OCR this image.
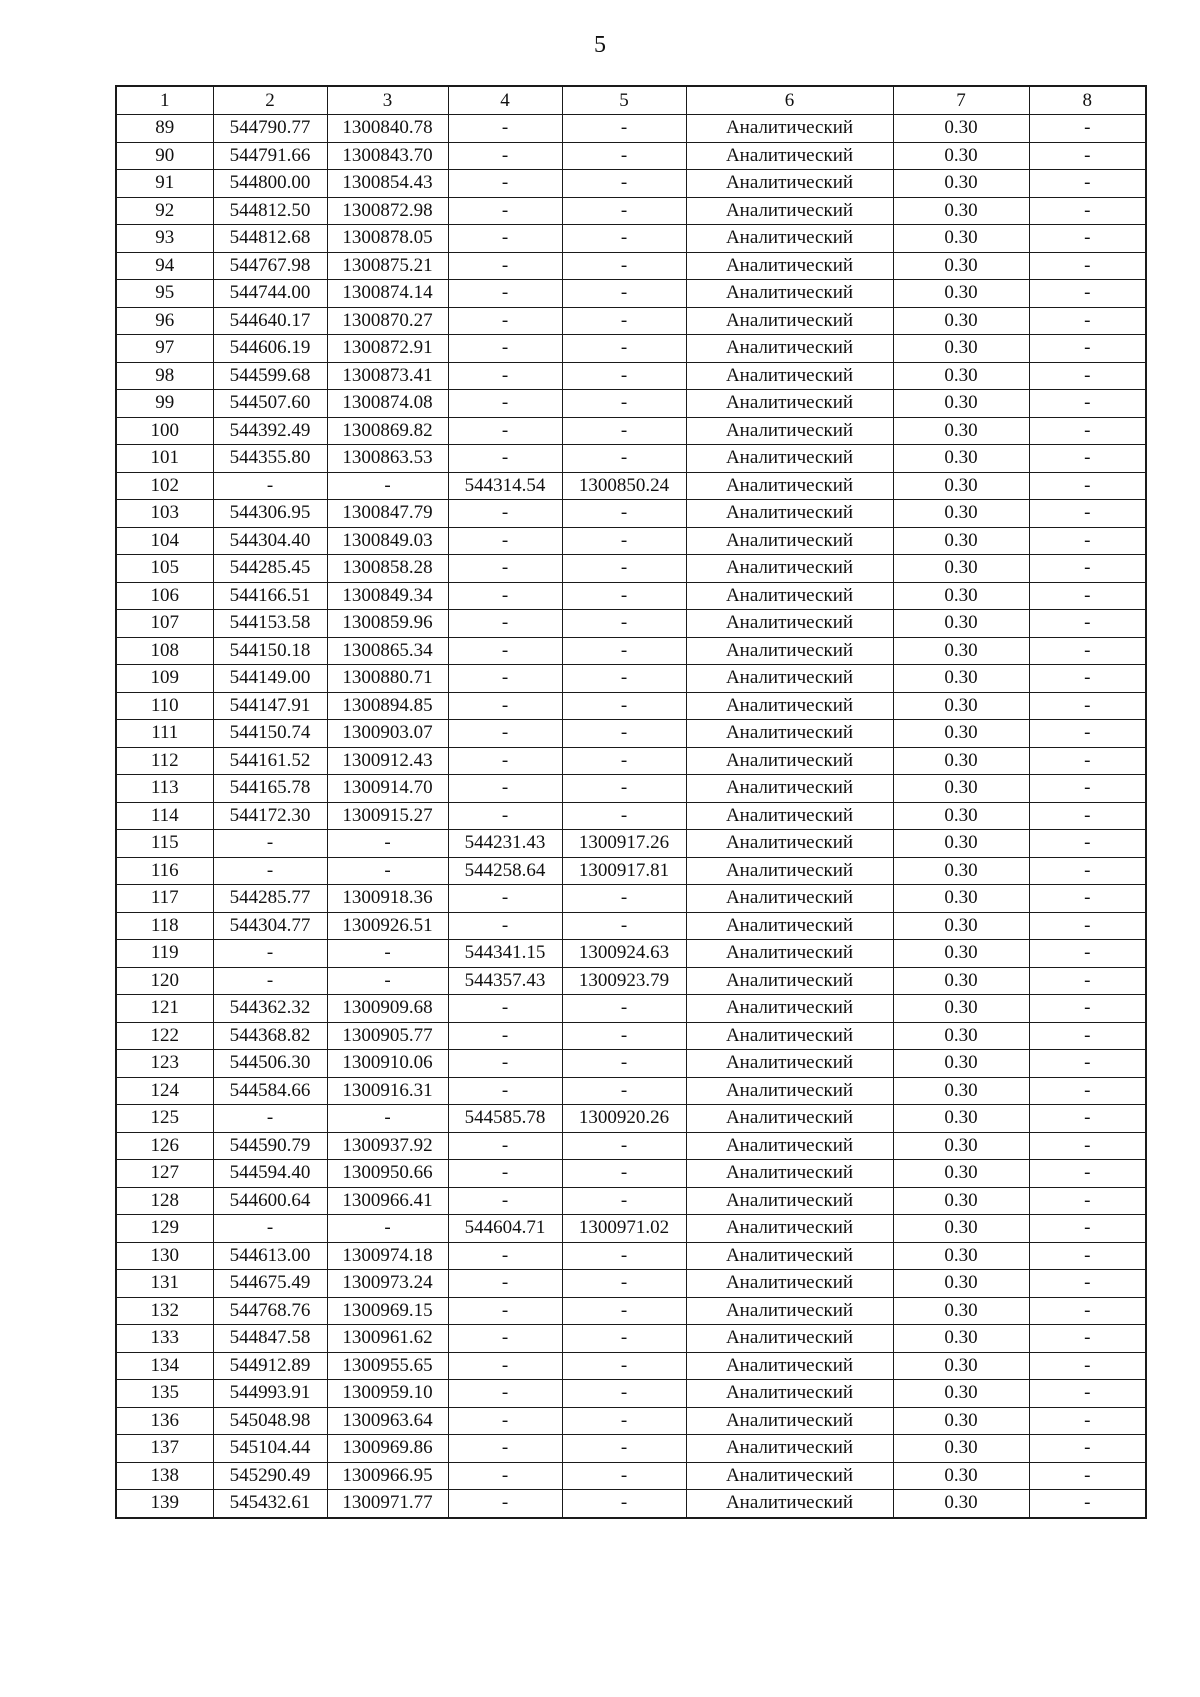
5
1	2	3	4	5	6	7	8
89	544790.77	1300840.78	-	-	Аналитический	0.30	-
90	544791.66	1300843.70	-	-	Аналитический	0.30	-
91	544800.00	1300854.43	-	-	Аналитический	0.30	-
92	544812.50	1300872.98	-	-	Аналитический	0.30	-
93	544812.68	1300878.05	-	-	Аналитический	0.30	-
94	544767.98	1300875.21	-	-	Аналитический	0.30	-
95	544744.00	1300874.14	-	-	Аналитический	0.30	-
96	544640.17	1300870.27	-	-	Аналитический	0.30	-
97	544606.19	1300872.91	-	-	Аналитический	0.30	-
98	544599.68	1300873.41	-	-	Аналитический	0.30	-
99	544507.60	1300874.08	-	-	Аналитический	0.30	-
100	544392.49	1300869.82	-	-	Аналитический	0.30	-
101	544355.80	1300863.53	-	-	Аналитический	0.30	-
102	-	-	544314.54	1300850.24	Аналитический	0.30	-
103	544306.95	1300847.79	-	-	Аналитический	0.30	-
104	544304.40	1300849.03	-	-	Аналитический	0.30	-
105	544285.45	1300858.28	-	-	Аналитический	0.30	-
106	544166.51	1300849.34	-	-	Аналитический	0.30	-
107	544153.58	1300859.96	-	-	Аналитический	0.30	-
108	544150.18	1300865.34	-	-	Аналитический	0.30	-
109	544149.00	1300880.71	-	-	Аналитический	0.30	-
110	544147.91	1300894.85	-	-	Аналитический	0.30	-
111	544150.74	1300903.07	-	-	Аналитический	0.30	-
112	544161.52	1300912.43	-	-	Аналитический	0.30	-
113	544165.78	1300914.70	-	-	Аналитический	0.30	-
114	544172.30	1300915.27	-	-	Аналитический	0.30	-
115	-	-	544231.43	1300917.26	Аналитический	0.30	-
116	-	-	544258.64	1300917.81	Аналитический	0.30	-
117	544285.77	1300918.36	-	-	Аналитический	0.30	-
118	544304.77	1300926.51	-	-	Аналитический	0.30	-
119	-	-	544341.15	1300924.63	Аналитический	0.30	-
120	-	-	544357.43	1300923.79	Аналитический	0.30	-
121	544362.32	1300909.68	-	-	Аналитический	0.30	-
122	544368.82	1300905.77	-	-	Аналитический	0.30	-
123	544506.30	1300910.06	-	-	Аналитический	0.30	-
124	544584.66	1300916.31	-	-	Аналитический	0.30	-
125	-	-	544585.78	1300920.26	Аналитический	0.30	-
126	544590.79	1300937.92	-	-	Аналитический	0.30	-
127	544594.40	1300950.66	-	-	Аналитический	0.30	-
128	544600.64	1300966.41	-	-	Аналитический	0.30	-
129	-	-	544604.71	1300971.02	Аналитический	0.30	-
130	544613.00	1300974.18	-	-	Аналитический	0.30	-
131	544675.49	1300973.24	-	-	Аналитический	0.30	-
132	544768.76	1300969.15	-	-	Аналитический	0.30	-
133	544847.58	1300961.62	-	-	Аналитический	0.30	-
134	544912.89	1300955.65	-	-	Аналитический	0.30	-
135	544993.91	1300959.10	-	-	Аналитический	0.30	-
136	545048.98	1300963.64	-	-	Аналитический	0.30	-
137	545104.44	1300969.86	-	-	Аналитический	0.30	-
138	545290.49	1300966.95	-	-	Аналитический	0.30	-
139	545432.61	1300971.77	-	-	Аналитический	0.30	-
